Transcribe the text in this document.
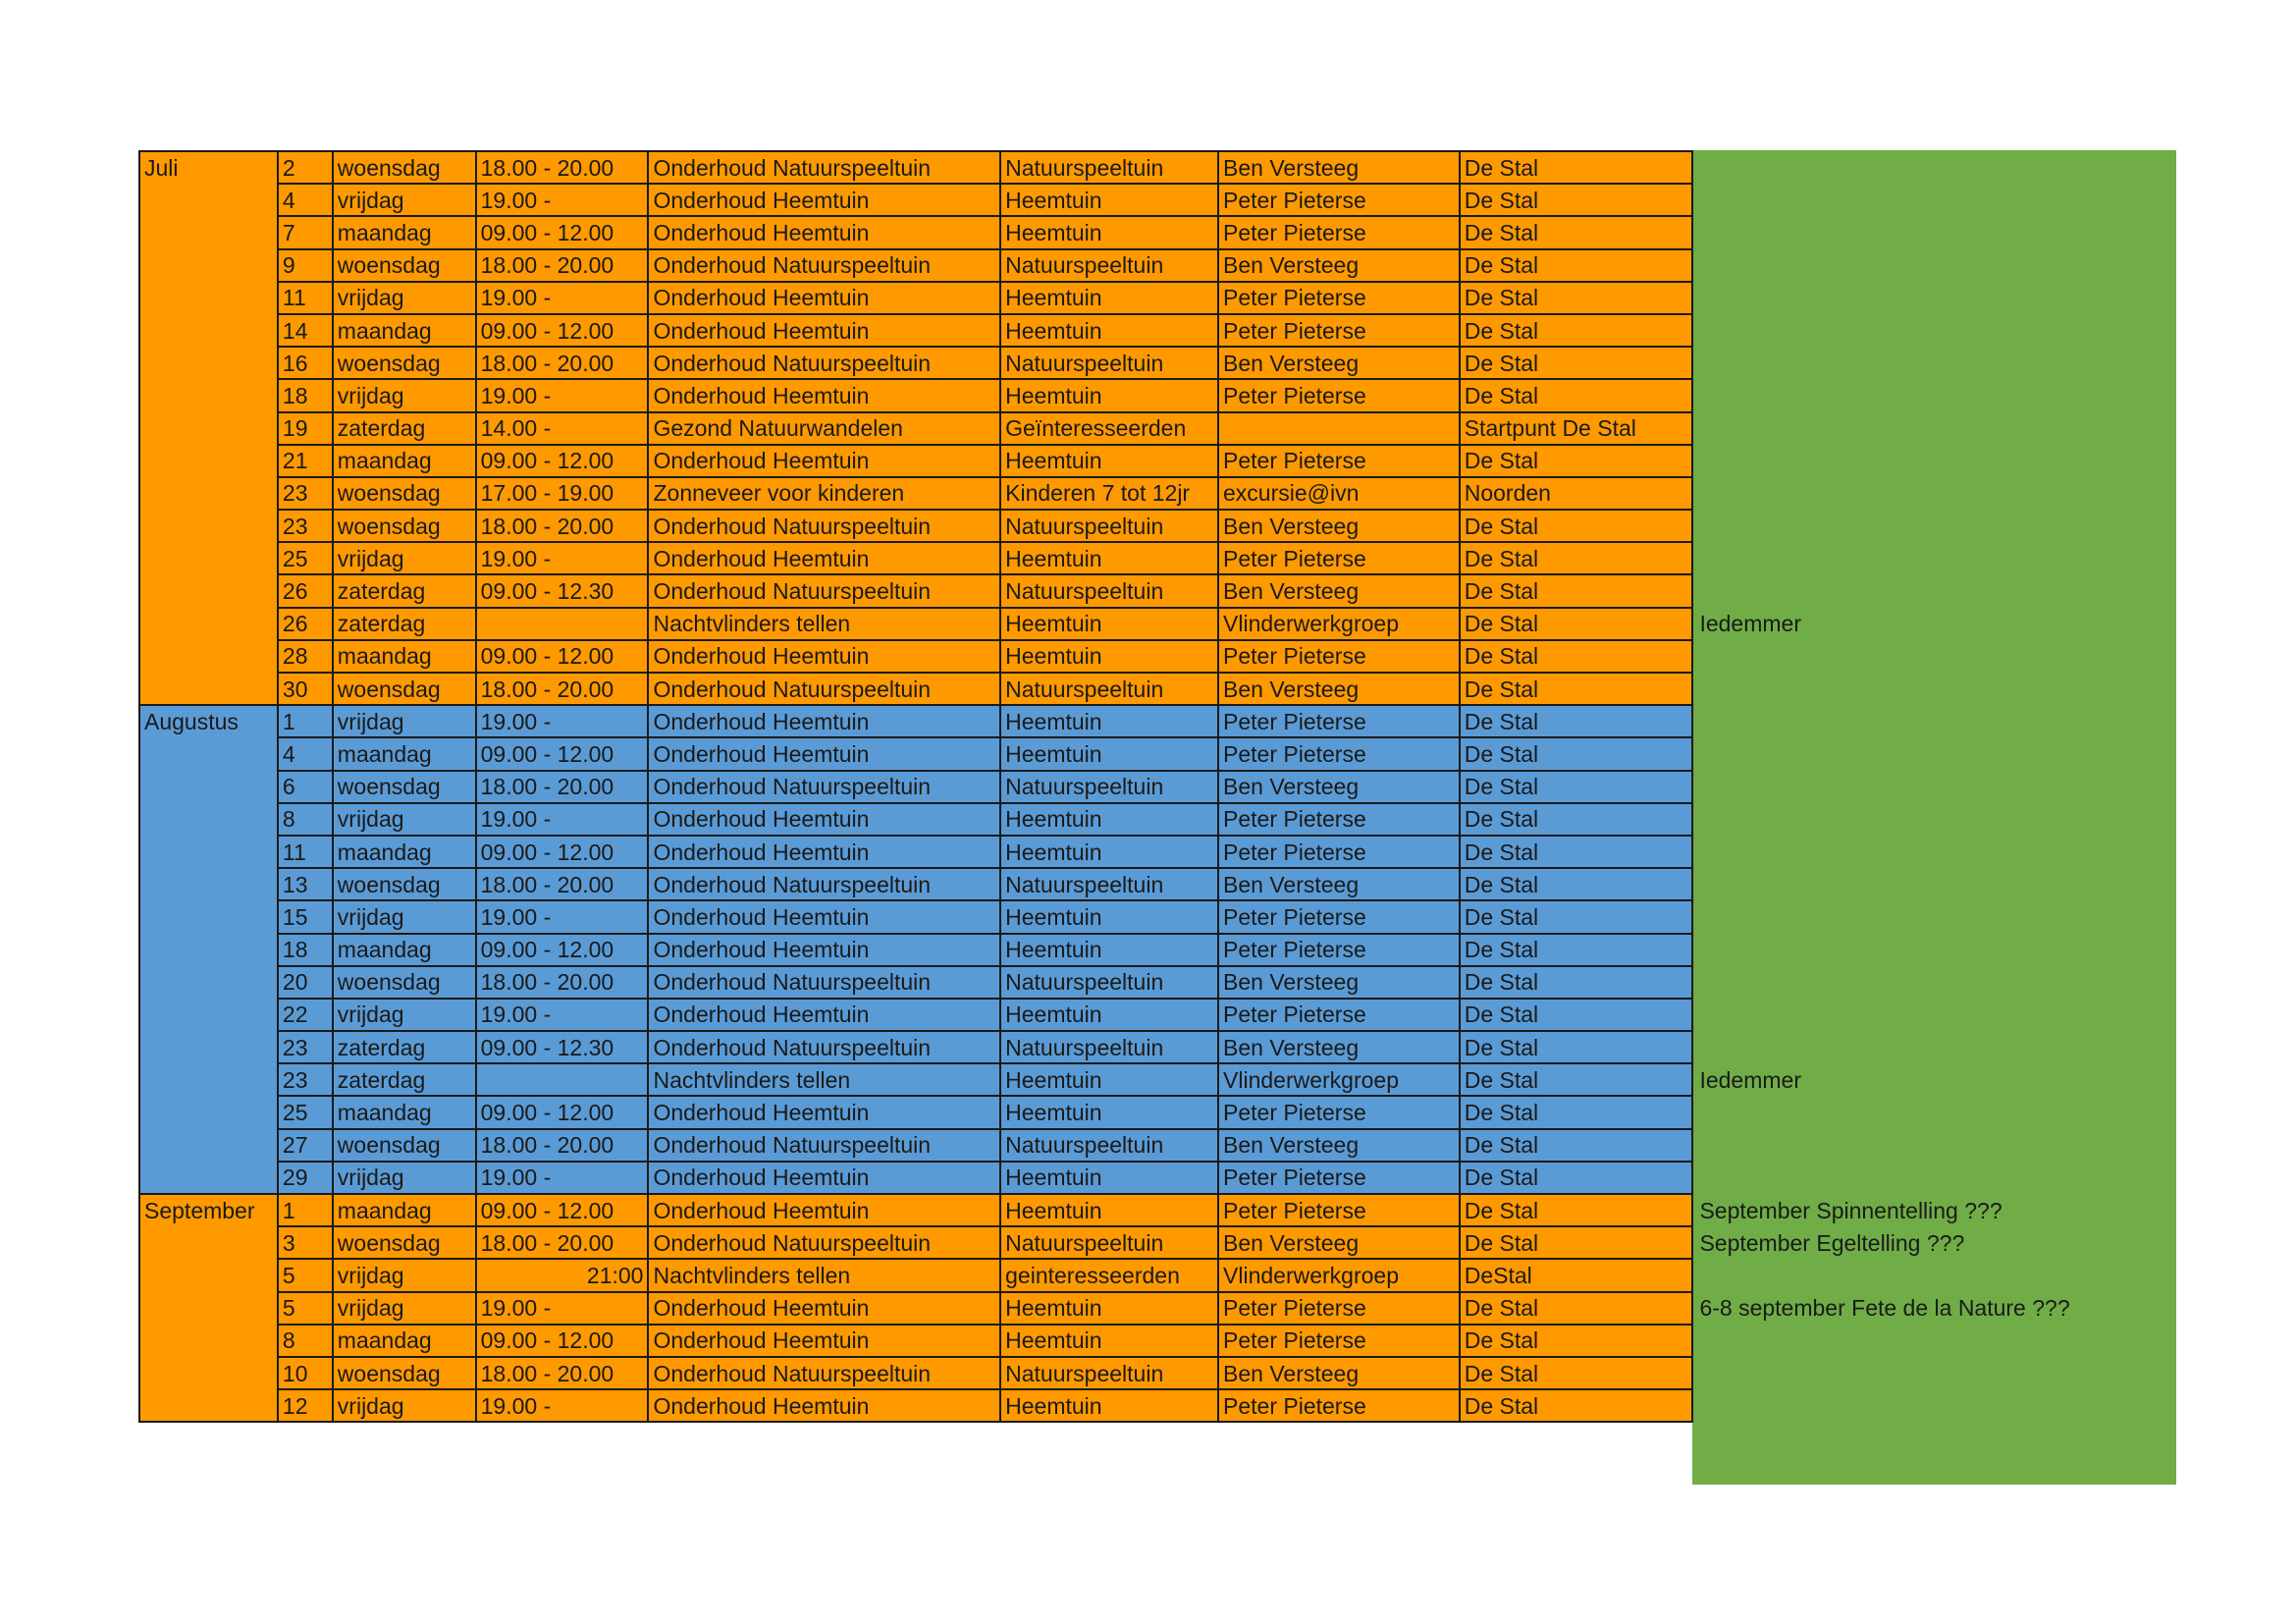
Juli	2	woensdag	18.00 - 20.00	Onderhoud Natuurspeeltuin	Natuurspeeltuin	Ben Versteeg	De Stal	
	4	vrijdag	19.00 -	Onderhoud Heemtuin	Heemtuin	Peter Pieterse	De Stal	
	7	maandag	09.00 - 12.00	Onderhoud Heemtuin	Heemtuin	Peter Pieterse	De Stal	
	9	woensdag	18.00 - 20.00	Onderhoud Natuurspeeltuin	Natuurspeeltuin	Ben Versteeg	De Stal	
	11	vrijdag	19.00 -	Onderhoud Heemtuin	Heemtuin	Peter Pieterse	De Stal	
	14	maandag	09.00 - 12.00	Onderhoud Heemtuin	Heemtuin	Peter Pieterse	De Stal	
	16	woensdag	18.00 - 20.00	Onderhoud Natuurspeeltuin	Natuurspeeltuin	Ben Versteeg	De Stal	
	18	vrijdag	19.00 -	Onderhoud Heemtuin	Heemtuin	Peter Pieterse	De Stal	
	19	zaterdag	14.00 -	Gezond Natuurwandelen	Geïnteresseerden		Startpunt De Stal	
	21	maandag	09.00 - 12.00	Onderhoud Heemtuin	Heemtuin	Peter Pieterse	De Stal	
	23	woensdag	17.00 - 19.00	Zonneveer voor kinderen	Kinderen 7 tot 12jr	excursie@ivn	Noorden	
	23	woensdag	18.00 - 20.00	Onderhoud Natuurspeeltuin	Natuurspeeltuin	Ben Versteeg	De Stal	
	25	vrijdag	19.00 -	Onderhoud Heemtuin	Heemtuin	Peter Pieterse	De Stal	
	26	zaterdag	09.00 - 12.30	Onderhoud Natuurspeeltuin	Natuurspeeltuin	Ben Versteeg	De Stal	
	26	zaterdag		Nachtvlinders tellen	Heemtuin	Vlinderwerkgroep	De Stal	Iedemmer
	28	maandag	09.00 - 12.00	Onderhoud Heemtuin	Heemtuin	Peter Pieterse	De Stal	
	30	woensdag	18.00 - 20.00	Onderhoud Natuurspeeltuin	Natuurspeeltuin	Ben Versteeg	De Stal	
Augustus	1	vrijdag	19.00 -	Onderhoud Heemtuin	Heemtuin	Peter Pieterse	De Stal	
	4	maandag	09.00 - 12.00	Onderhoud Heemtuin	Heemtuin	Peter Pieterse	De Stal	
	6	woensdag	18.00 - 20.00	Onderhoud Natuurspeeltuin	Natuurspeeltuin	Ben Versteeg	De Stal	
	8	vrijdag	19.00 -	Onderhoud Heemtuin	Heemtuin	Peter Pieterse	De Stal	
	11	maandag	09.00 - 12.00	Onderhoud Heemtuin	Heemtuin	Peter Pieterse	De Stal	
	13	woensdag	18.00 - 20.00	Onderhoud Natuurspeeltuin	Natuurspeeltuin	Ben Versteeg	De Stal	
	15	vrijdag	19.00 -	Onderhoud Heemtuin	Heemtuin	Peter Pieterse	De Stal	
	18	maandag	09.00 - 12.00	Onderhoud Heemtuin	Heemtuin	Peter Pieterse	De Stal	
	20	woensdag	18.00 - 20.00	Onderhoud Natuurspeeltuin	Natuurspeeltuin	Ben Versteeg	De Stal	
	22	vrijdag	19.00 -	Onderhoud Heemtuin	Heemtuin	Peter Pieterse	De Stal	
	23	zaterdag	09.00 - 12.30	Onderhoud Natuurspeeltuin	Natuurspeeltuin	Ben Versteeg	De Stal	
	23	zaterdag		Nachtvlinders tellen	Heemtuin	Vlinderwerkgroep	De Stal	Iedemmer
	25	maandag	09.00 - 12.00	Onderhoud Heemtuin	Heemtuin	Peter Pieterse	De Stal	
	27	woensdag	18.00 - 20.00	Onderhoud Natuurspeeltuin	Natuurspeeltuin	Ben Versteeg	De Stal	
	29	vrijdag	19.00 -	Onderhoud Heemtuin	Heemtuin	Peter Pieterse	De Stal	
September	1	maandag	09.00 - 12.00	Onderhoud Heemtuin	Heemtuin	Peter Pieterse	De Stal	September Spinnentelling ???
	3	woensdag	18.00 - 20.00	Onderhoud Natuurspeeltuin	Natuurspeeltuin	Ben Versteeg	De Stal	September Egeltelling ???
	5	vrijdag	21:00	Nachtvlinders tellen	geinteresseerden	Vlinderwerkgroep	DeStal	
	5	vrijdag	19.00 -	Onderhoud Heemtuin	Heemtuin	Peter Pieterse	De Stal	6-8 september Fete de la Nature ???
	8	maandag	09.00 - 12.00	Onderhoud Heemtuin	Heemtuin	Peter Pieterse	De Stal	
	10	woensdag	18.00 - 20.00	Onderhoud Natuurspeeltuin	Natuurspeeltuin	Ben Versteeg	De Stal	
	12	vrijdag	19.00 -	Onderhoud Heemtuin	Heemtuin	Peter Pieterse	De Stal	
